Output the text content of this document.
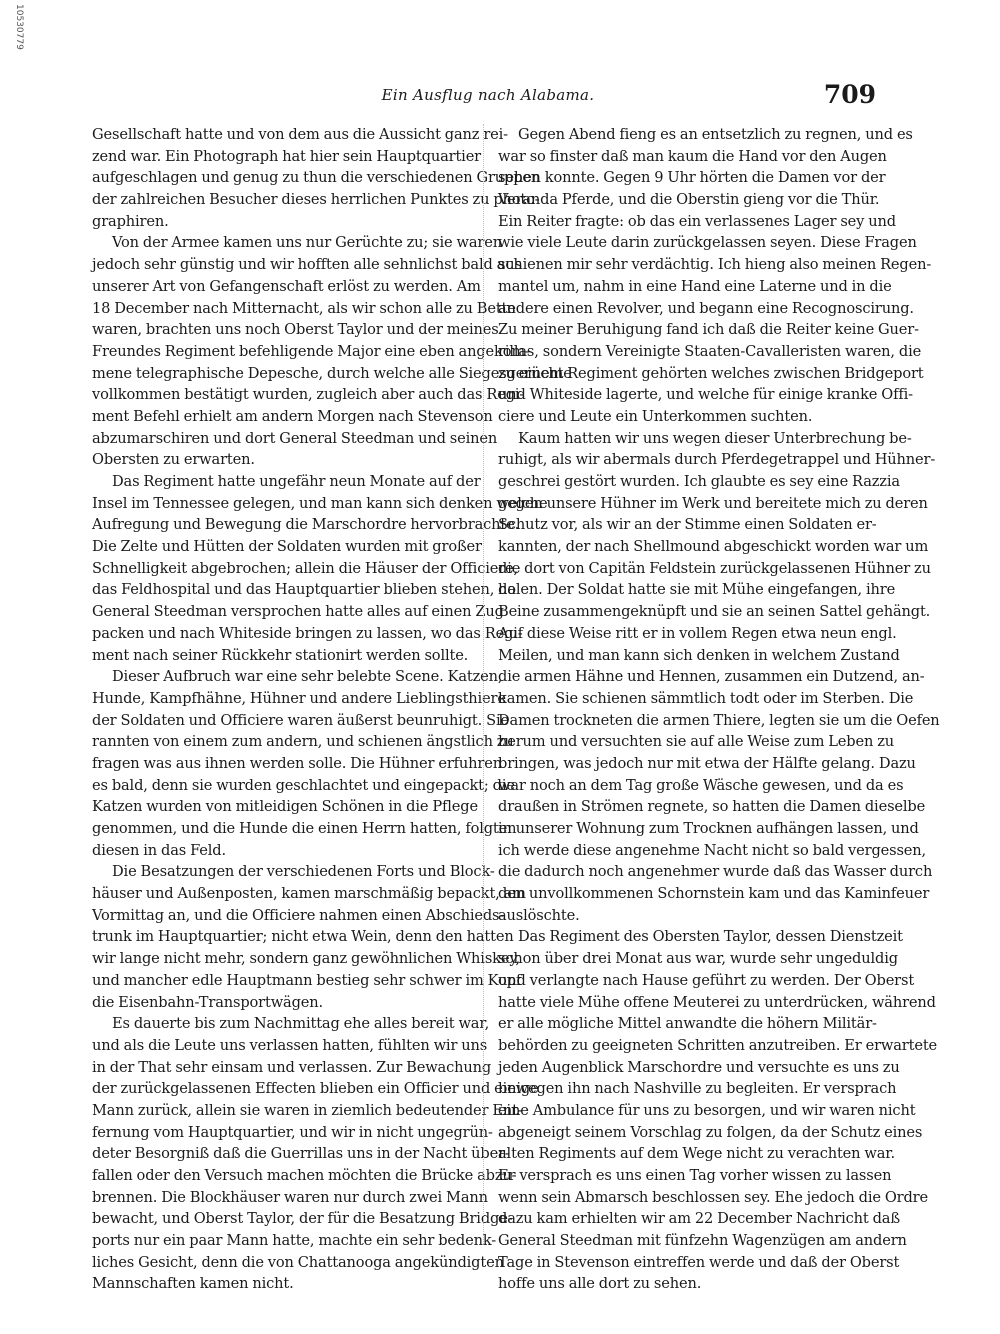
10530779
Ein Ausflug nach Alabama.	709
Gesellschaft hatte und von dem aus die Aussicht ganz rei-
zend war. Ein Photograph hat hier sein Hauptquartier
aufgeschlagen und genug zu thun die verschiedenen Gruppen
der zahlreichen Besucher dieses herrlichen Punktes zu photo-
graphiren.
Von der Armee kamen uns nur Gerüchte zu; sie waren
jedoch sehr günstig und wir hofften alle sehnlichst bald aus
unserer Art von Gefangenschaft erlöst zu werden. Am
18 December nach Mitternacht, als wir schon alle zu Bette
waren, brachten uns noch Oberst Taylor und der meines
Freundes Regiment befehligende Major eine eben angekom-
mene telegraphische Depesche, durch welche alle Siegesgerüchte
vollkommen bestätigt wurden, zugleich aber auch das Regi-
ment Befehl erhielt am andern Morgen nach Stevenson
abzumarschiren und dort General Steedman und seinen
Obersten zu erwarten.
Das Regiment hatte ungefähr neun Monate auf der
Insel im Tennessee gelegen, und man kann sich denken welche
Aufregung und Bewegung die Marschordre hervorbrachte.
Die Zelte und Hütten der Soldaten wurden mit großer
Schnelligkeit abgebrochen; allein die Häuser der Officiere,
das Feldhospital und das Hauptquartier blieben stehen, da
General Steedman versprochen hatte alles auf einen Zug
packen und nach Whiteside bringen zu lassen, wo das Regi-
ment nach seiner Rückkehr stationirt werden sollte.
Dieser Aufbruch war eine sehr belebte Scene. Katzen,
Hunde, Kampfhähne, Hühner und andere Lieblingsthiere
der Soldaten und Officiere waren äußerst beunruhigt. Sie
rannten von einem zum andern, und schienen ängstlich zu
fragen was aus ihnen werden solle. Die Hühner erfuhren
es bald, denn sie wurden geschlachtet und eingepackt; die
Katzen wurden von mitleidigen Schönen in die Pflege
genommen, und die Hunde die einen Herrn hatten, folgten
diesen in das Feld.
Die Besatzungen der verschiedenen Forts und Block-
häuser und Außenposten, kamen marschmäßig bepackt, am
Vormittag an, und die Officiere nahmen einen Abschieds-
trunk im Hauptquartier; nicht etwa Wein, denn den hatten
wir lange nicht mehr, sondern ganz gewöhnlichen Whiskey,
und mancher edle Hauptmann bestieg sehr schwer im Kopf
die Eisenbahn-Transportwägen.
Es dauerte bis zum Nachmittag ehe alles bereit war,
und als die Leute uns verlassen hatten, fühlten wir uns
in der That sehr einsam und verlassen. Zur Bewachung
der zurückgelassenen Effecten blieben ein Officier und einige
Mann zurück, allein sie waren in ziemlich bedeutender Ent-
fernung vom Hauptquartier, und wir in nicht ungegrün-
deter Besorgniß daß die Guerrillas uns in der Nacht über-
fallen oder den Versuch machen möchten die Brücke abzu-
brennen. Die Blockhäuser waren nur durch zwei Mann
bewacht, und Oberst Taylor, der für die Besatzung Bridge-
ports nur ein paar Mann hatte, machte ein sehr bedenk-
liches Gesicht, denn die von Chattanooga angekündigten
Mannschaften kamen nicht.
Gegen Abend fieng es an entsetzlich zu regnen, und es
war so finster daß man kaum die Hand vor den Augen
sehen konnte. Gegen 9 Uhr hörten die Damen vor der
Veranda Pferde, und die Oberstin gieng vor die Thür.
Ein Reiter fragte: ob das ein verlassenes Lager sey und
wie viele Leute darin zurückgelassen seyen. Diese Fragen
schienen mir sehr verdächtig. Ich hieng also meinen Regen-
mantel um, nahm in eine Hand eine Laterne und in die
andere einen Revolver, und begann eine Recognoscirung.
Zu meiner Beruhigung fand ich daß die Reiter keine Guer-
rillas, sondern Vereinigte Staaten-Cavalleristen waren, die
zu einem Regiment gehörten welches zwischen Bridgeport
und Whiteside lagerte, und welche für einige kranke Offi-
ciere und Leute ein Unterkommen suchten.
Kaum hatten wir uns wegen dieser Unterbrechung be-
ruhigt, als wir abermals durch Pferdegetrappel und Hühner-
geschrei gestört wurden. Ich glaubte es sey eine Razzia
gegen unsere Hühner im Werk und bereitete mich zu deren
Schutz vor, als wir an der Stimme einen Soldaten er-
kannten, der nach Shellmound abgeschickt worden war um
die dort von Capitän Feldstein zurückgelassenen Hühner zu
holen. Der Soldat hatte sie mit Mühe eingefangen, ihre
Beine zusammengeknüpft und sie an seinen Sattel gehängt.
Auf diese Weise ritt er in vollem Regen etwa neun engl.
Meilen, und man kann sich denken in welchem Zustand
die armen Hähne und Hennen, zusammen ein Dutzend, an-
kamen. Sie schienen sämmtlich todt oder im Sterben. Die
Damen trockneten die armen Thiere, legten sie um die Oefen
herum und versuchten sie auf alle Weise zum Leben zu
bringen, was jedoch nur mit etwa der Hälfte gelang. Dazu
war noch an dem Tag große Wäsche gewesen, und da es
draußen in Strömen regnete, so hatten die Damen dieselbe
in unserer Wohnung zum Trocknen aufhängen lassen, und
ich werde diese angenehme Nacht nicht so bald vergessen,
die dadurch noch angenehmer wurde daß das Wasser durch
den unvollkommenen Schornstein kam und das Kaminfeuer
auslöschte.
Das Regiment des Obersten Taylor, dessen Dienstzeit
schon über drei Monat aus war, wurde sehr ungeduldig
und verlangte nach Hause geführt zu werden. Der Oberst
hatte viele Mühe offene Meuterei zu unterdrücken, während
er alle mögliche Mittel anwandte die höhern Militär-
behörden zu geeigneten Schritten anzutreiben. Er erwartete
jeden Augenblick Marschordre und versuchte es uns zu
bewegen ihn nach Nashville zu begleiten. Er versprach
eine Ambulance für uns zu besorgen, und wir waren nicht
abgeneigt seinem Vorschlag zu folgen, da der Schutz eines
alten Regiments auf dem Wege nicht zu verachten war.
Er versprach es uns einen Tag vorher wissen zu lassen
wenn sein Abmarsch beschlossen sey. Ehe jedoch die Ordre
dazu kam erhielten wir am 22 December Nachricht daß
General Steedman mit fünfzehn Wagenzügen am andern
Tage in Stevenson eintreffen werde und daß der Oberst
hoffe uns alle dort zu sehen.
